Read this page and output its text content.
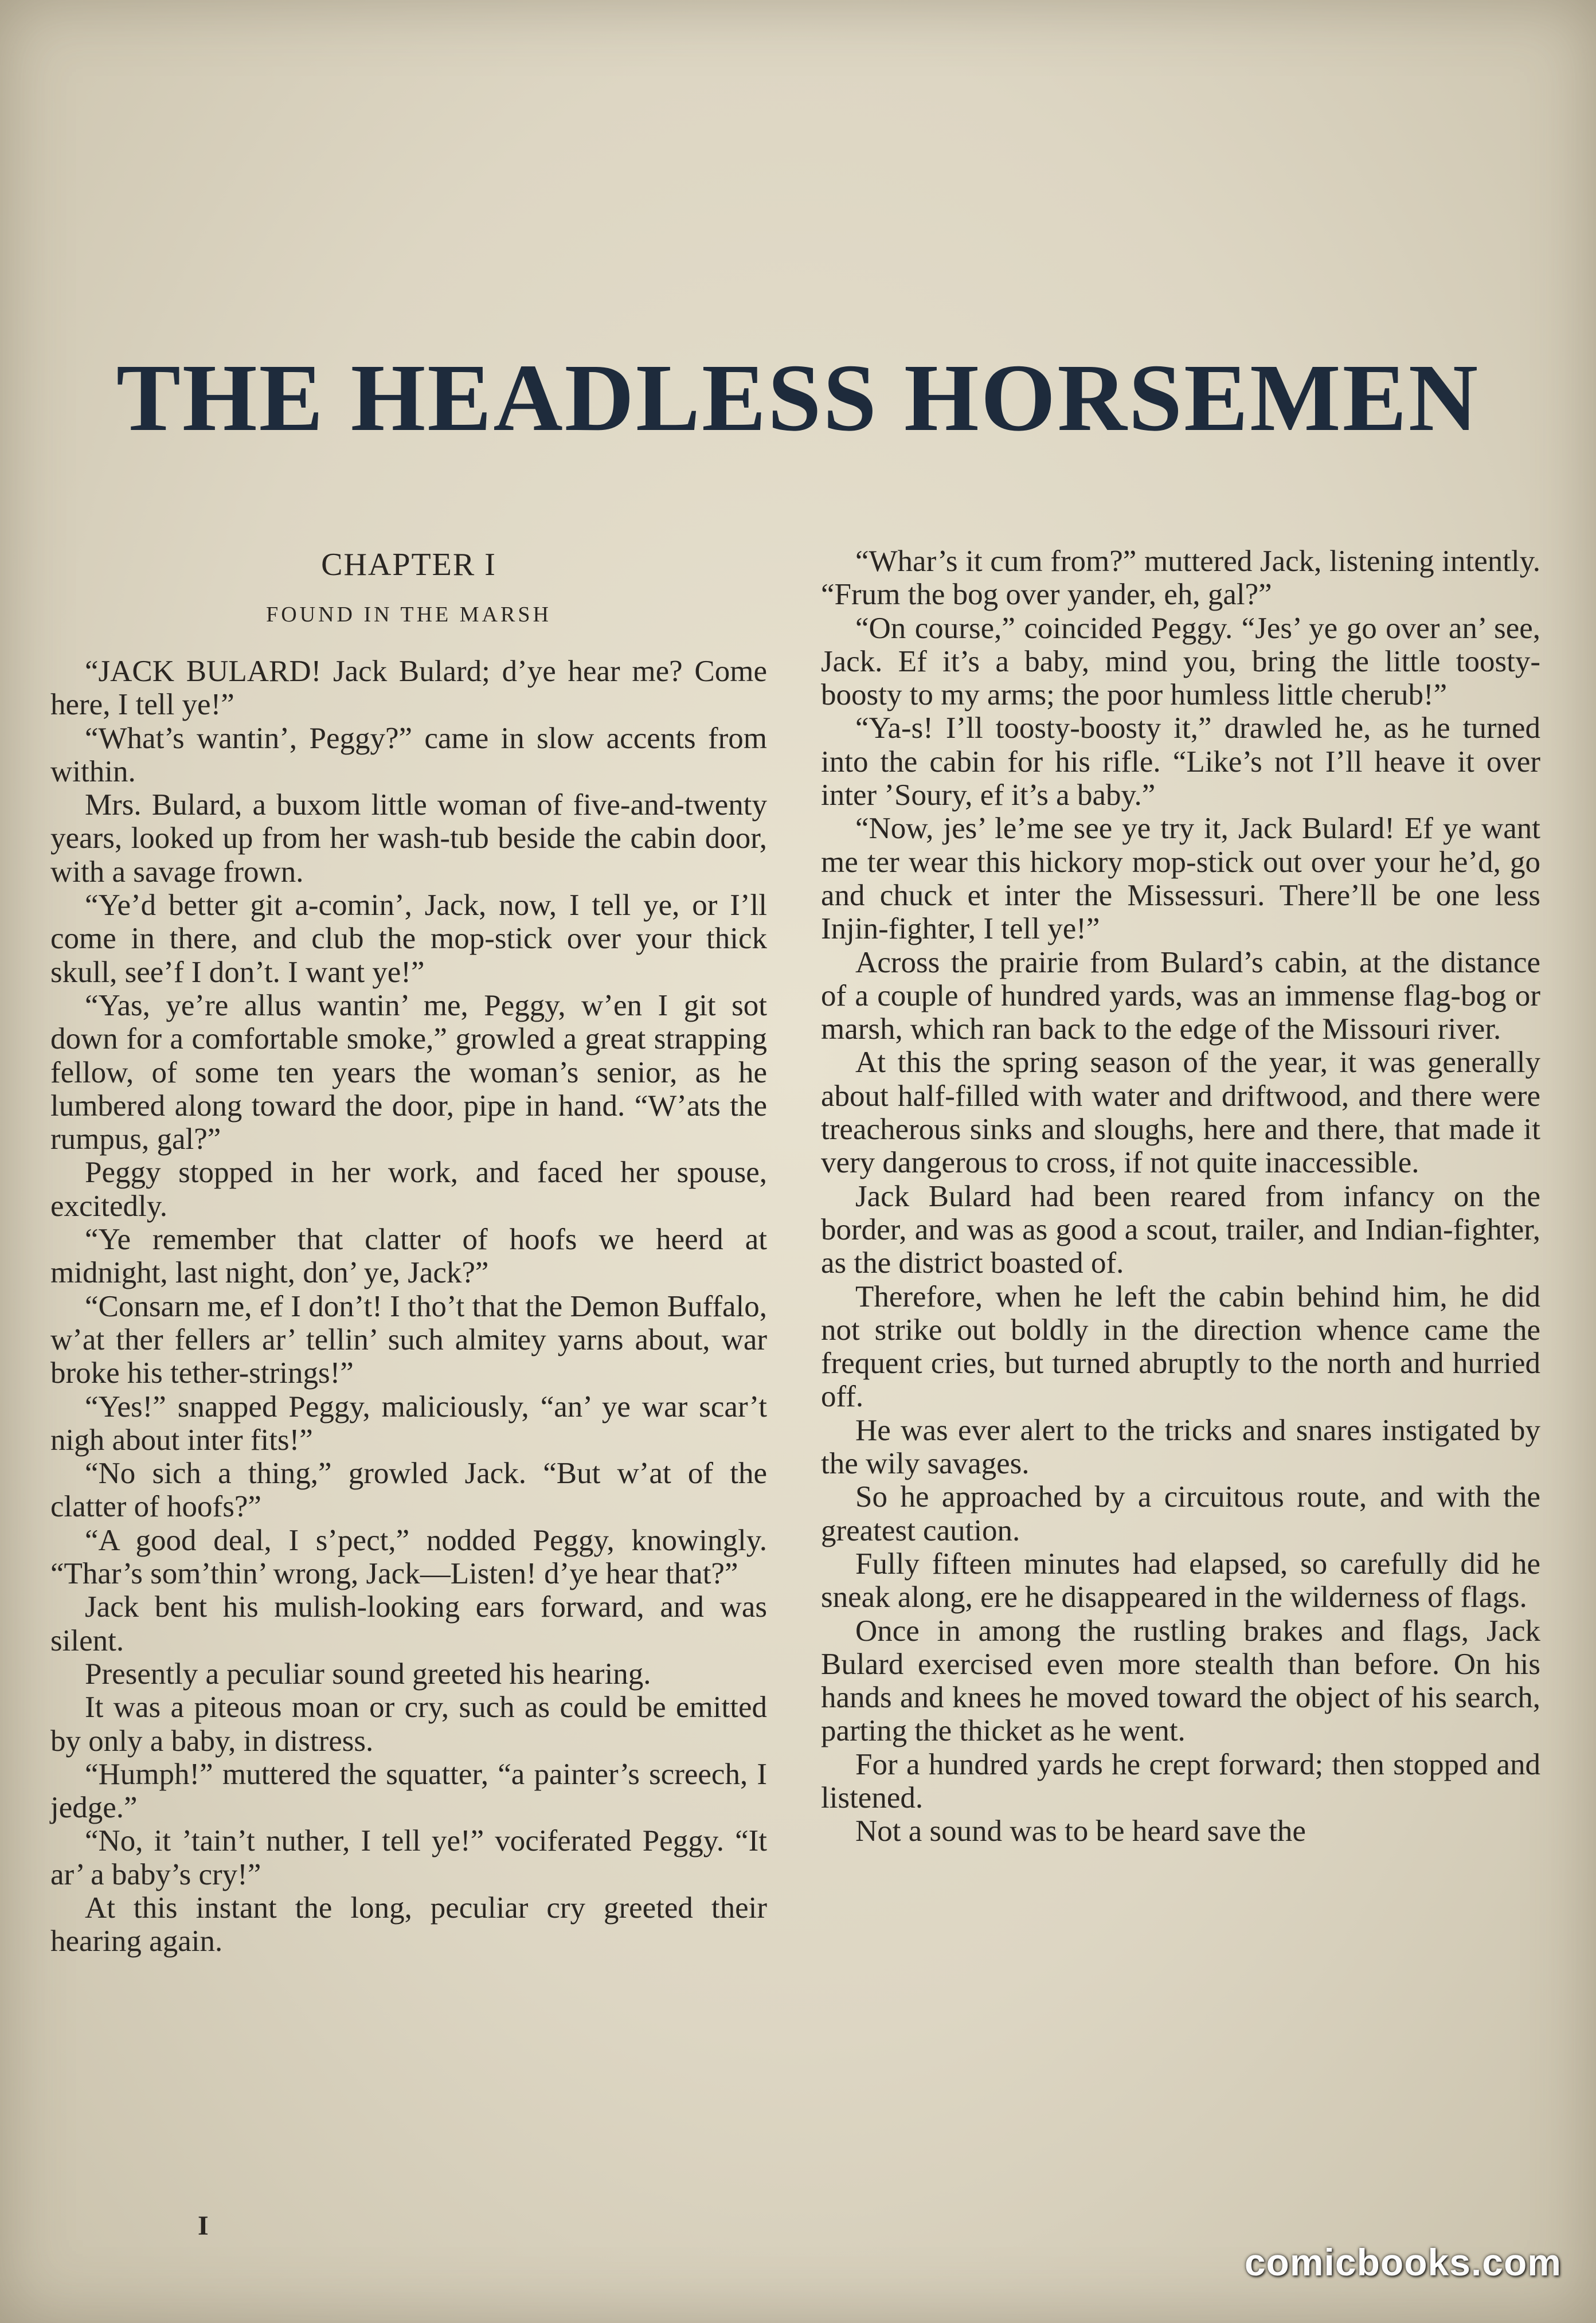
THE HEADLESS HORSEMEN
CHAPTER I
FOUND IN THE MARSH

“JACK BULARD! Jack Bulard; d’ye hear me? Come here, I tell ye!”

“What’s wantin’, Peggy?” came in slow accents from within.

Mrs. Bulard, a buxom little woman of five-and-twenty years, looked up from her wash-tub beside the cabin door, with a savage frown.

“Ye’d better git a-comin’, Jack, now, I tell ye, or I’ll come in there, and club the mop-stick over your thick skull, see’f I don’t. I want ye!”

“Yas, ye’re allus wantin’ me, Peggy, w’en I git sot down for a comfortable smoke,” growled a great strapping fellow, of some ten years the woman’s senior, as he lumbered along toward the door, pipe in hand. “W’ats the rumpus, gal?”

Peggy stopped in her work, and faced her spouse, excitedly.

“Ye remember that clatter of hoofs we heerd at midnight, last night, don’ ye, Jack?”

“Consarn me, ef I don’t! I tho’t that the Demon Buffalo, w’at ther fellers ar’ tellin’ such almitey yarns about, war broke his tether-strings!”

“Yes!” snapped Peggy, maliciously, “an’ ye war scar’t nigh about inter fits!”

“No sich a thing,” growled Jack. “But w’at of the clatter of hoofs?”

“A good deal, I s’pect,” nodded Peggy, knowingly. “Thar’s som’thin’ wrong, Jack—Listen! d’ye hear that?”

Jack bent his mulish-looking ears forward, and was silent.

Presently a peculiar sound greeted his hearing.

It was a piteous moan or cry, such as could be emitted by only a baby, in distress.

“Humph!” muttered the squatter, “a painter’s screech, I jedge.”

“No, it ’tain’t nuther, I tell ye!” vociferated Peggy. “It ar’ a baby’s cry!”

At this instant the long, peculiar cry greeted their hearing again.

“Whar’s it cum from?” muttered Jack, listening intently. “Frum the bog over yander, eh, gal?”

“On course,” coincided Peggy. “Jes’ ye go over an’ see, Jack. Ef it’s a baby, mind you, bring the little toosty-boosty to my arms; the poor humless little cherub!”

“Ya-s! I’ll toosty-boosty it,” drawled he, as he turned into the cabin for his rifle. “Like’s not I’ll heave it over inter ’Soury, ef it’s a baby.”

“Now, jes’ le’me see ye try it, Jack Bulard! Ef ye want me ter wear this hickory mop-stick out over your he’d, go and chuck et inter the Missessuri. There’ll be one less Injin-fighter, I tell ye!”

Across the prairie from Bulard’s cabin, at the distance of a couple of hundred yards, was an immense flag-bog or marsh, which ran back to the edge of the Missouri river.

At this the spring season of the year, it was generally about half-filled with water and driftwood, and there were treacherous sinks and sloughs, here and there, that made it very dangerous to cross, if not quite inaccessible.

Jack Bulard had been reared from infancy on the border, and was as good a scout, trailer, and Indian-fighter, as the district boasted of.

Therefore, when he left the cabin behind him, he did not strike out boldly in the direction whence came the frequent cries, but turned abruptly to the north and hurried off.

He was ever alert to the tricks and snares instigated by the wily savages.

So he approached by a circuitous route, and with the greatest caution.

Fully fifteen minutes had elapsed, so carefully did he sneak along, ere he disappeared in the wilderness of flags.

Once in among the rustling brakes and flags, Jack Bulard exercised even more stealth than before. On his hands and knees he moved toward the object of his search, parting the thicket as he went.

For a hundred yards he crept forward; then stopped and listened.

Not a sound was to be heard save the

I
comicbooks.com
